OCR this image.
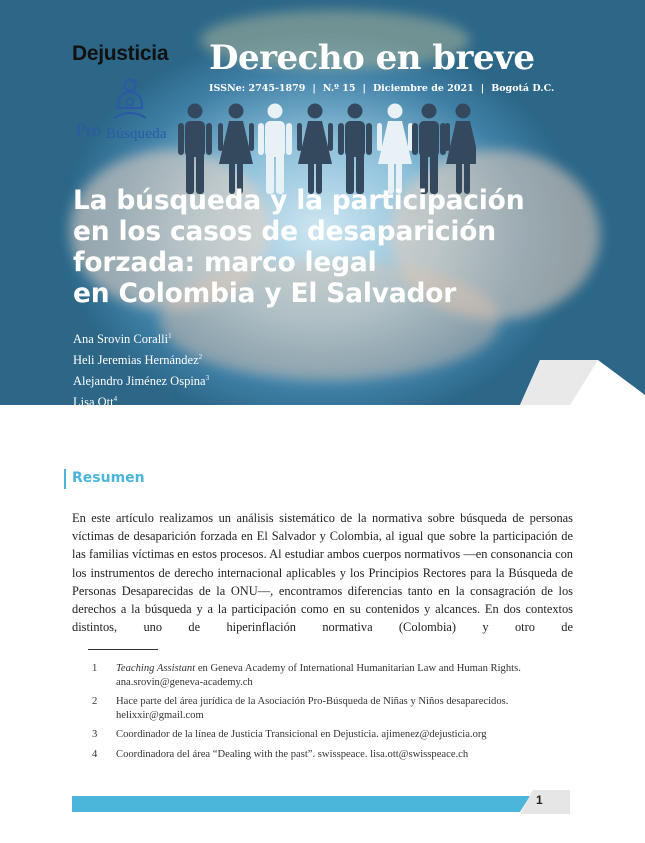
Dejusticia
Pro Búsqueda
Derecho en breve
ISSNe: 2745-1879 | N.º 15 | Diciembre de 2021 | Bogotá D.C.
La búsqueda y la participación
en los casos de desaparición
forzada: marco legal
en Colombia y El Salvador
Ana Srovin Coralli$^1$
Heli Jeremias Hernández$^2$
Alejandro Jiménez Ospina$^3$
Lisa Ott$^4$
Resumen

En este artículo realizamos un análisis sistemático de la normativa sobre búsqueda de personas víctimas de desaparición forzada en El Salvador y Colombia, al igual que sobre la participación de las familias víctimas en estos procesos. Al estudiar ambos cuerpos normativos —en consonancia con los instrumentos de derecho internacional aplicables y los Principios Rectores para la Búsqueda de Personas Desaparecidas de la ONU—, encontramos diferencias tanto en la consagración de los derechos a la búsqueda y a la participación como en su contenidos y alcances. En dos contextos distintos, uno de hiperinflación normativa (Colombia) y otro de

1 Teaching Assistant en Geneva Academy of International Humanitarian Law and Human Rights.
ana.srovin@geneva-academy.ch
2 Hace parte del área jurídica de la Asociación Pro-Búsqueda de Niñas y Niños desaparecidos.
helixxir@gmail.com
3 Coordinador de la línea de Justicia Transicional en Dejusticia. ajimenez@dejusticia.org
4 Coordinadora del área “Dealing with the past”. swisspeace. lisa.ott@swisspeace.ch
1
